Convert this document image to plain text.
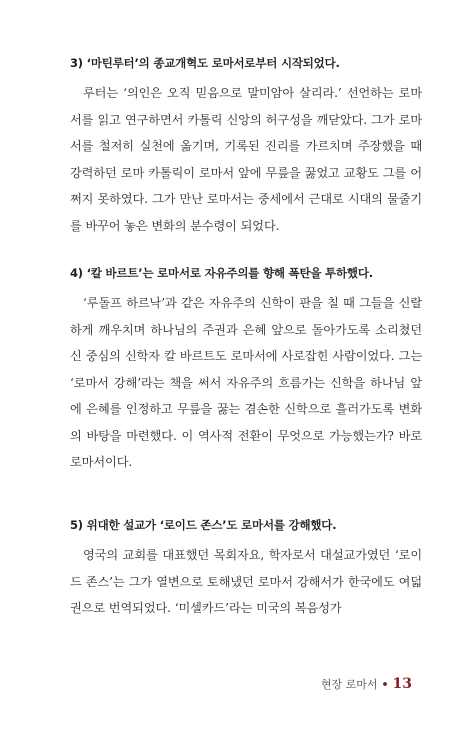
3) ‘마틴루터’의 종교개혁도 로마서로부터 시작되었다.
루터는 ‘의인은 오직 믿음으로 말미암아 살리라.’ 선언하는 로마서를 읽고 연구하면서 카톨릭 신앙의 허구성을 깨닫았다. 그가 로마서를 철저히 실천에 옮기며, 기록된 진리를 가르치며 주장했을 때 강력하던 로마 카톨릭이 로마서 앞에 무릎을 꿇었고 교황도 그를 어쩌지 못하였다. 그가 만난 로마서는 중세에서 근대로 시대의 물줄기를 바꾸어 놓은 변화의 분수령이 되었다.
4) ‘칼 바르트’는 로마서로 자유주의를 향해 폭탄을 투하했다.
‘루돌프 하르낙’과 같은 자유주의 신학이 판을 칠 때 그들을 신랄하게 깨우치며 하나님의 주권과 은혜 앞으로 돌아가도록 소리쳤던 신 중심의 신학자 칼 바르트도 로마서에 사로잡힌 사람이었다. 그는 ‘로마서 강해’라는 책을 써서 자유주의 흐름가는 신학을 하나님 앞에 은혜를 인정하고 무릎을 꿇는 겸손한 신학으로 흘러가도록 변화의 바탕을 마련했다. 이 역사적 전환이 무엇으로 가능했는가? 바로 로마서이다.
5) 위대한 설교가 ‘로이드 존스’도 로마서를 강해했다.
영국의 교회를 대표했던 목회자요, 학자로서 대설교가였던 ‘로이드 존스’는 그가 열변으로 토해냈던 로마서 강해서가 한국에도 여덟권으로 번역되었다. ‘미셀카드’라는 미국의 복음성가
현장 로마서 • 13
